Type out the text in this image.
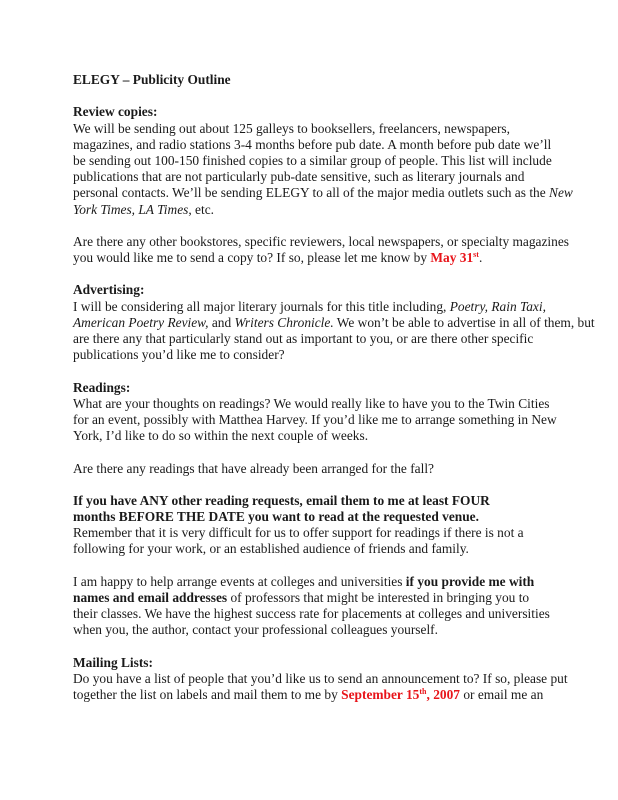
ELEGY – Publicity Outline
Review copies:
We will be sending out about 125 galleys to booksellers, freelancers, newspapers,
magazines, and radio stations 3-4 months before pub date. A month before pub date we’ll
be sending out 100-150 finished copies to a similar group of people. This list will include
publications that are not particularly pub-date sensitive, such as literary journals and
personal contacts. We’ll be sending ELEGY to all of the major media outlets such as the New
York Times, LA Times, etc.
Are there any other bookstores, specific reviewers, local newspapers, or specialty magazines
you would like me to send a copy to? If so, please let me know by May 31st.
Advertising:
I will be considering all major literary journals for this title including, Poetry, Rain Taxi,
American Poetry Review, and Writers Chronicle. We won’t be able to advertise in all of them, but
are there any that particularly stand out as important to you, or are there other specific
publications you’d like me to consider?
Readings:
What are your thoughts on readings? We would really like to have you to the Twin Cities
for an event, possibly with Matthea Harvey. If you’d like me to arrange something in New
York, I’d like to do so within the next couple of weeks.
Are there any readings that have already been arranged for the fall?
If you have ANY other reading requests, email them to me at least FOUR
months BEFORE THE DATE you want to read at the requested venue.
Remember that it is very difficult for us to offer support for readings if there is not a
following for your work, or an established audience of friends and family.
I am happy to help arrange events at colleges and universities if you provide me with
names and email addresses of professors that might be interested in bringing you to
their classes. We have the highest success rate for placements at colleges and universities
when you, the author, contact your professional colleagues yourself.
Mailing Lists:
Do you have a list of people that you’d like us to send an announcement to? If so, please put
together the list on labels and mail them to me by September 15th, 2007 or email me an
